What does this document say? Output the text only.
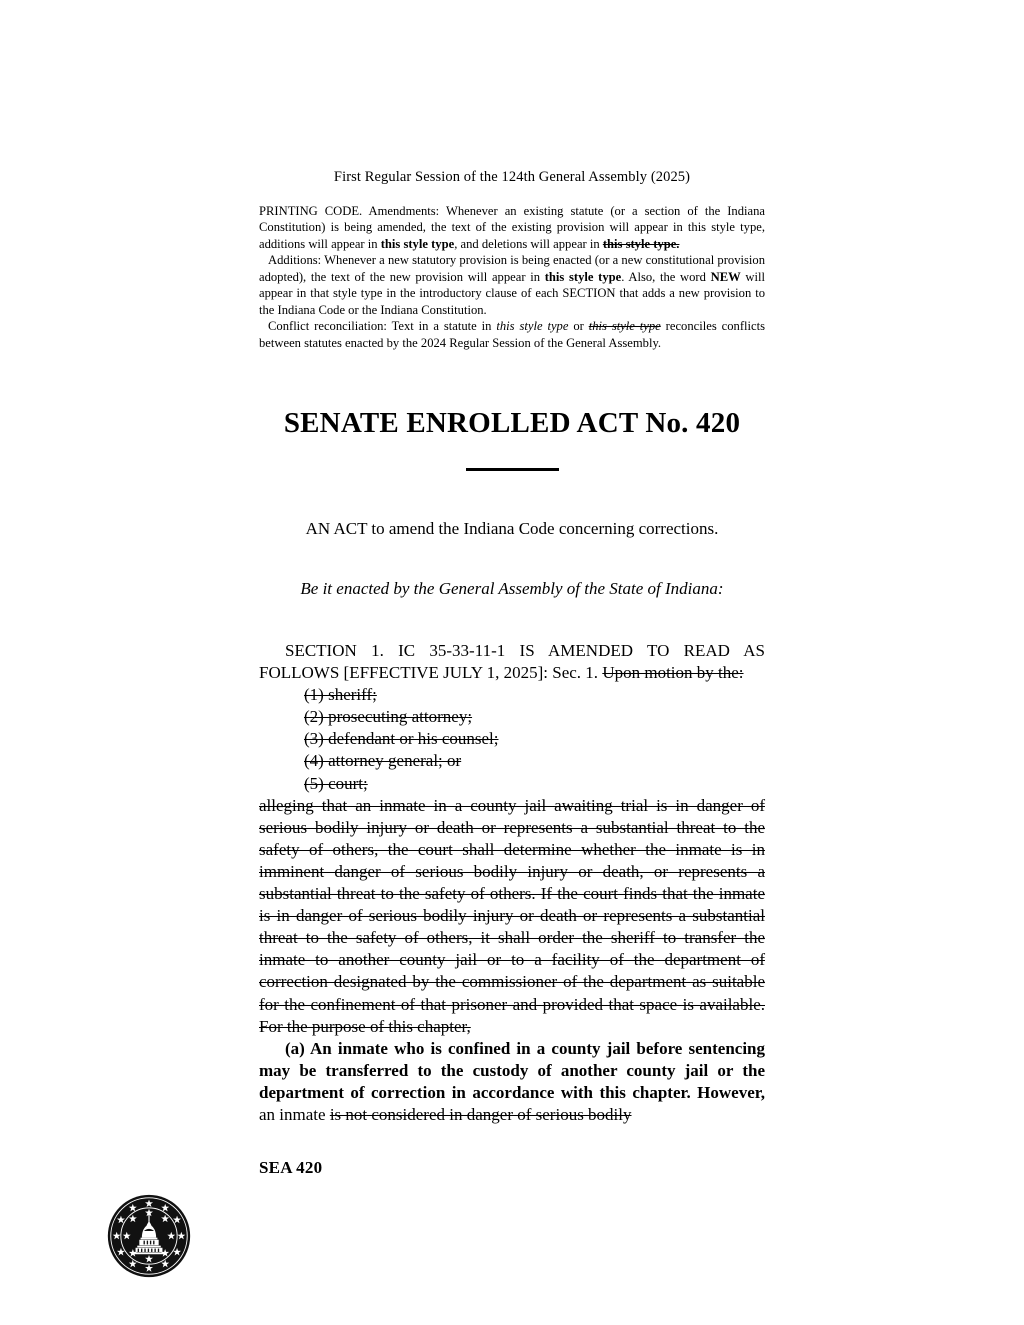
First Regular Session of the 124th General Assembly (2025)

PRINTING CODE. Amendments: Whenever an existing statute (or a section of the Indiana Constitution) is being amended, the text of the existing provision will appear in this style type, additions will appear in this style type, and deletions will appear in this style type.

Additions: Whenever a new statutory provision is being enacted (or a new constitutional provision adopted), the text of the new provision will appear in this style type. Also, the word NEW will appear in that style type in the introductory clause of each SECTION that adds a new provision to the Indiana Code or the Indiana Constitution.

Conflict reconciliation: Text in a statute in this style type or this style type reconciles conflicts between statutes enacted by the 2024 Regular Session of the General Assembly.

SENATE ENROLLED ACT No. 420
AN ACT to amend the Indiana Code concerning corrections.
Be it enacted by the General Assembly of the State of Indiana:

SECTION 1. IC 35-33-11-1 IS AMENDED TO READ AS FOLLOWS [EFFECTIVE JULY 1, 2025]: Sec. 1. Upon motion by the:

(1) sheriff;
(2) prosecuting attorney;
(3) defendant or his counsel;
(4) attorney general; or
(5) court;

alleging that an inmate in a county jail awaiting trial is in danger of serious bodily injury or death or represents a substantial threat to the safety of others, the court shall determine whether the inmate is in imminent danger of serious bodily injury or death, or represents a substantial threat to the safety of others. If the court finds that the inmate is in danger of serious bodily injury or death or represents a substantial threat to the safety of others, it shall order the sheriff to transfer the inmate to another county jail or to a facility of the department of correction designated by the commissioner of the department as suitable for the confinement of that prisoner and provided that space is available. For the purpose of this chapter,

(a) An inmate who is confined in a county jail before sentencing may be transferred to the custody of another county jail or the department of correction in accordance with this chapter. However, an inmate is not considered in danger of serious bodily

SEA 420
